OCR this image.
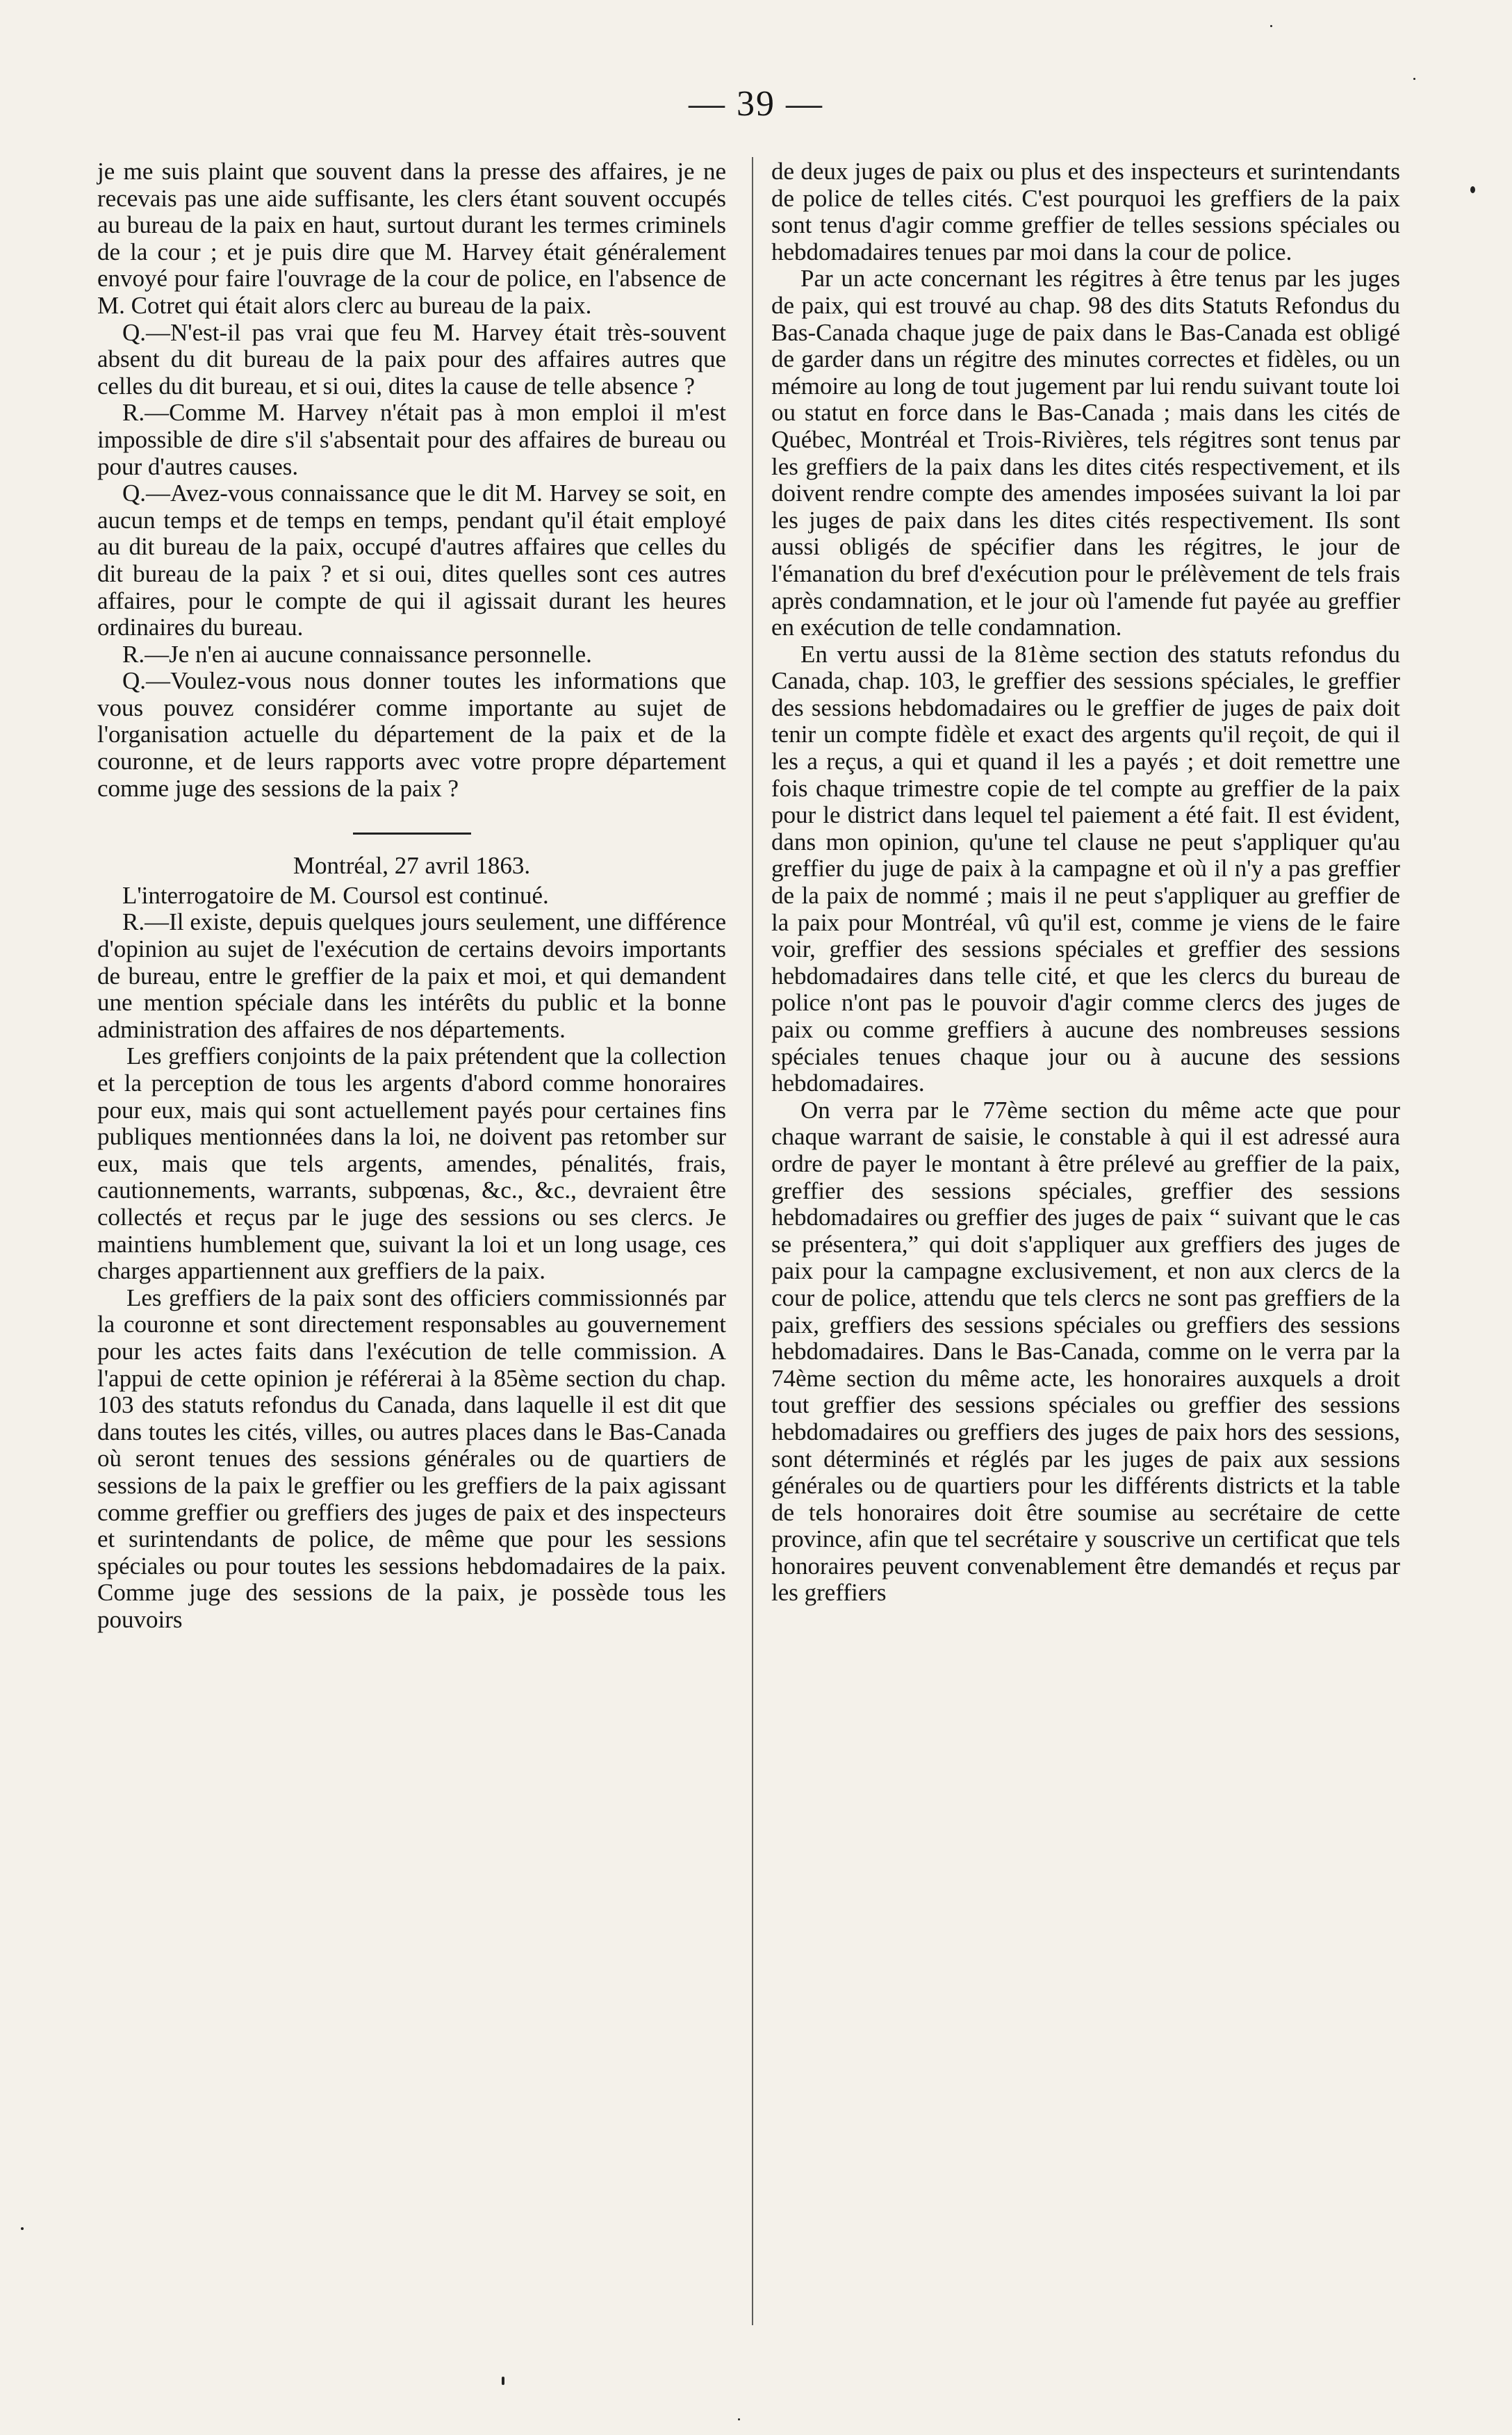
— 39 —

je me suis plaint que souvent dans la presse des affaires, je ne recevais pas une aide suffisante, les clers étant souvent occupés au bureau de la paix en haut, surtout durant les termes criminels de la cour ; et je puis dire que M. Harvey était généralement envoyé pour faire l'ouvrage de la cour de police, en l'absence de M. Cotret qui était alors clerc au bureau de la paix.

Q.—N'est-il pas vrai que feu M. Harvey était très-souvent absent du dit bureau de la paix pour des affaires autres que celles du dit bureau, et si oui, dites la cause de telle absence ?

R.—Comme M. Harvey n'était pas à mon emploi il m'est impossible de dire s'il s'absentait pour des affaires de bureau ou pour d'autres causes.

Q.—Avez-vous connaissance que le dit M. Harvey se soit, en aucun temps et de temps en temps, pendant qu'il était employé au dit bureau de la paix, occupé d'autres affaires que celles du dit bureau de la paix ? et si oui, dites quelles sont ces autres affaires, pour le compte de qui il agissait durant les heures ordinaires du bureau.

R.—Je n'en ai aucune connaissance personnelle.

Q.—Voulez-vous nous donner toutes les informations que vous pouvez considérer comme importante au sujet de l'organisation actuelle du département de la paix et de la couronne, et de leurs rapports avec votre propre département comme juge des sessions de la paix ?

Montréal, 27 avril 1863.

L'interrogatoire de M. Coursol est continué.

R.—Il existe, depuis quelques jours seulement, une différence d'opinion au sujet de l'exécution de certains devoirs importants de bureau, entre le greffier de la paix et moi, et qui demandent une mention spéciale dans les intérêts du public et la bonne administration des affaires de nos départements.

Les greffiers conjoints de la paix prétendent que la collection et la perception de tous les argents d'abord comme honoraires pour eux, mais qui sont actuellement payés pour certaines fins publiques mentionnées dans la loi, ne doivent pas retomber sur eux, mais que tels argents, amendes, pénalités, frais, cautionnements, warrants, subpœnas, &c., &c., devraient être collectés et reçus par le juge des sessions ou ses clercs. Je maintiens humblement que, suivant la loi et un long usage, ces charges appartiennent aux greffiers de la paix.

Les greffiers de la paix sont des officiers commissionnés par la couronne et sont directement responsables au gouvernement pour les actes faits dans l'exécution de telle commission. A l'appui de cette opinion je référerai à la 85ème section du chap. 103 des statuts refondus du Canada, dans laquelle il est dit que dans toutes les cités, villes, ou autres places dans le Bas-Canada où seront tenues des sessions générales ou de quartiers de sessions de la paix le greffier ou les greffiers de la paix agissant comme greffier ou greffiers des juges de paix et des inspecteurs et surintendants de police, de même que pour les sessions spéciales ou pour toutes les sessions hebdomadaires de la paix. Comme juge des sessions de la paix, je possède tous les pouvoirs

de deux juges de paix ou plus et des inspecteurs et surintendants de police de telles cités. C'est pourquoi les greffiers de la paix sont tenus d'agir comme greffier de telles sessions spéciales ou hebdomadaires tenues par moi dans la cour de police.

Par un acte concernant les régitres à être tenus par les juges de paix, qui est trouvé au chap. 98 des dits Statuts Refondus du Bas-Canada chaque juge de paix dans le Bas-Canada est obligé de garder dans un régitre des minutes correctes et fidèles, ou un mémoire au long de tout jugement par lui rendu suivant toute loi ou statut en force dans le Bas-Canada ; mais dans les cités de Québec, Montréal et Trois-Rivières, tels régitres sont tenus par les greffiers de la paix dans les dites cités respectivement, et ils doivent rendre compte des amendes imposées suivant la loi par les juges de paix dans les dites cités respectivement. Ils sont aussi obligés de spécifier dans les régitres, le jour de l'émanation du bref d'exécution pour le prélèvement de tels frais après condamnation, et le jour où l'amende fut payée au greffier en exécution de telle condamnation.

En vertu aussi de la 81ème section des statuts refondus du Canada, chap. 103, le greffier des sessions spéciales, le greffier des sessions hebdomadaires ou le greffier de juges de paix doit tenir un compte fidèle et exact des argents qu'il reçoit, de qui il les a reçus, a qui et quand il les a payés ; et doit remettre une fois chaque trimestre copie de tel compte au greffier de la paix pour le district dans lequel tel paiement a été fait. Il est évident, dans mon opinion, qu'une tel clause ne peut s'appliquer qu'au greffier du juge de paix à la campagne et où il n'y a pas greffier de la paix de nommé ; mais il ne peut s'appliquer au greffier de la paix pour Montréal, vû qu'il est, comme je viens de le faire voir, greffier des sessions spéciales et greffier des sessions hebdomadaires dans telle cité, et que les clercs du bureau de police n'ont pas le pouvoir d'agir comme clercs des juges de paix ou comme greffiers à aucune des nombreuses sessions spéciales tenues chaque jour ou à aucune des sessions hebdomadaires.

On verra par le 77ème section du même acte que pour chaque warrant de saisie, le constable à qui il est adressé aura ordre de payer le montant à être prélevé au greffier de la paix, greffier des sessions spéciales, greffier des sessions hebdomadaires ou greffier des juges de paix “ suivant que le cas se présentera,” qui doit s'appliquer aux greffiers des juges de paix pour la campagne exclusivement, et non aux clercs de la cour de police, attendu que tels clercs ne sont pas greffiers de la paix, greffiers des sessions spéciales ou greffiers des sessions hebdomadaires. Dans le Bas-Canada, comme on le verra par la 74ème section du même acte, les honoraires auxquels a droit tout greffier des sessions spéciales ou greffier des sessions hebdomadaires ou greffiers des juges de paix hors des sessions, sont déterminés et réglés par les juges de paix aux sessions générales ou de quartiers pour les différents districts et la table de tels honoraires doit être soumise au secrétaire de cette province, afin que tel secrétaire y souscrive un certificat que tels honoraires peuvent convenablement être demandés et reçus par les greffiers
